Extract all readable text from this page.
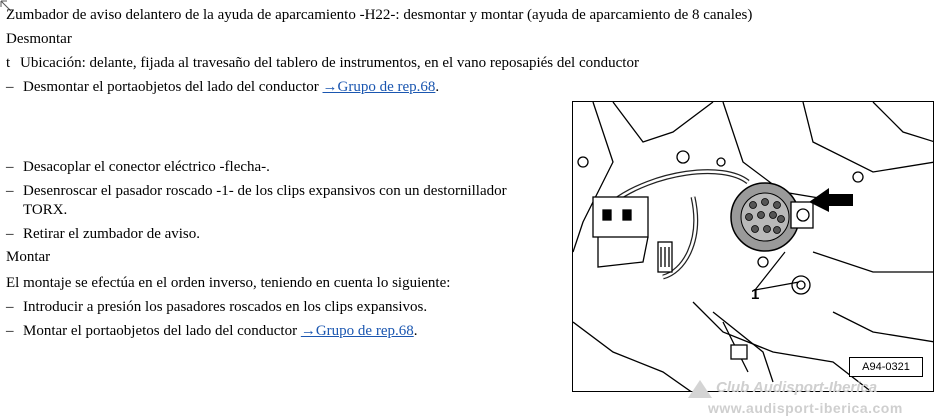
Zumbador de aviso delantero de la ayuda de aparcamiento -H22-: desmontar y montar (ayuda de aparcamiento de 8 canales)
Desmontar
t Ubicación: delante, fijada al travesaño del tablero de instrumentos, en el vano reposapiés del conductor
– Desmontar el portaobjetos del lado del conductor →Grupo de rep.68.
– Desacoplar el conector eléctrico -flecha-.
– Desenroscar el pasador roscado -1- de los clips expansivos con un destornillador
TORX.
– Retirar el zumbador de aviso.
Montar
El montaje se efectúa en el orden inverso, teniendo en cuenta lo siguiente:
– Introducir a presión los pasadores roscados en los clips expansivos.
– Montar el portaobjetos del lado del conductor →Grupo de rep.68.
A94-0321
1
Club Audisport-Iberica
www.audisport-iberica.com
